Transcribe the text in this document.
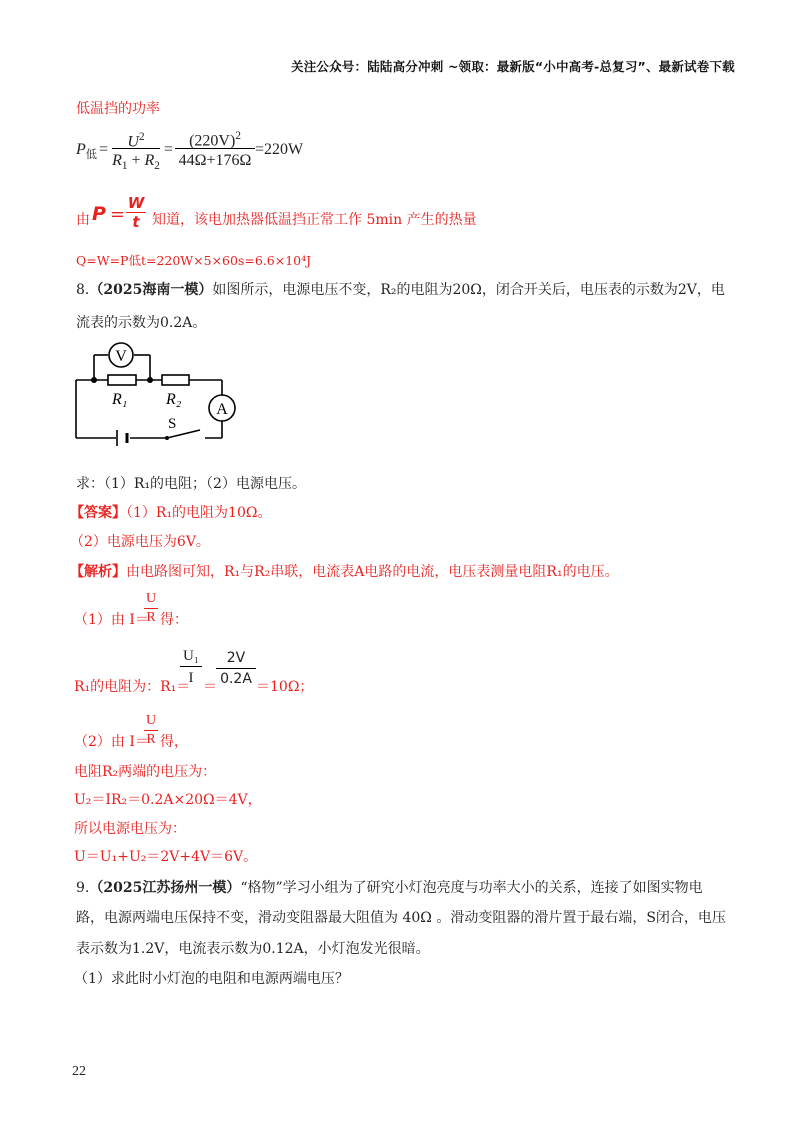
关注公众号：陆陆高分冲刺 ~领取：最新版“小中高考-总复习”、最新试卷下载
低温挡的功率
$P_低$ =	$U^2$
$R_1 + R_2$
=
$(220V)^2$
44Ω+176Ω
=220W
由 P =
W
t 知道，该电加热器低温挡正常工作 5min 产生的热量
Q=W=P低t=220W×5×60s=6.6×10⁴J
8.（2025海南一模）如图所示，电源电压不变，R₂的电阻为20Ω，闭合开关后，电压表的示数为2V，电
流表的示数为0.2A。
V
A
R₁ R₂
S
求：（1）R₁的电阻；（2）电源电压。
【答案】（1）R₁的电阻为10Ω。
（2）电源电压为6V。
【解析】由电路图可知，R₁与R₂串联，电流表A电路的电流，电压表测量电阻R₁的电压。
（1）由 I＝
U
R 得：
R₁的电阻为：R₁＝
U₁
I
＝
2V
0.2A ＝10Ω；
（2）由 I＝
U
R 得，
电阻R₂两端的电压为：
U₂＝IR₂＝0.2A×20Ω＝4V，
所以电源电压为：
U＝U₁+U₂＝2V+4V＝6V。
9.（2025江苏扬州一模）“格物”学习小组为了研究小灯泡亮度与功率大小的关系，连接了如图实物电
路，电源两端电压保持不变，滑动变阻器最大阻值为 40Ω 。滑动变阻器的滑片置于最右端，S闭合，电压
表示数为1.2V，电流表示数为0.12A，小灯泡发光很暗。
（1）求此时小灯泡的电阻和电源两端电压？
22
